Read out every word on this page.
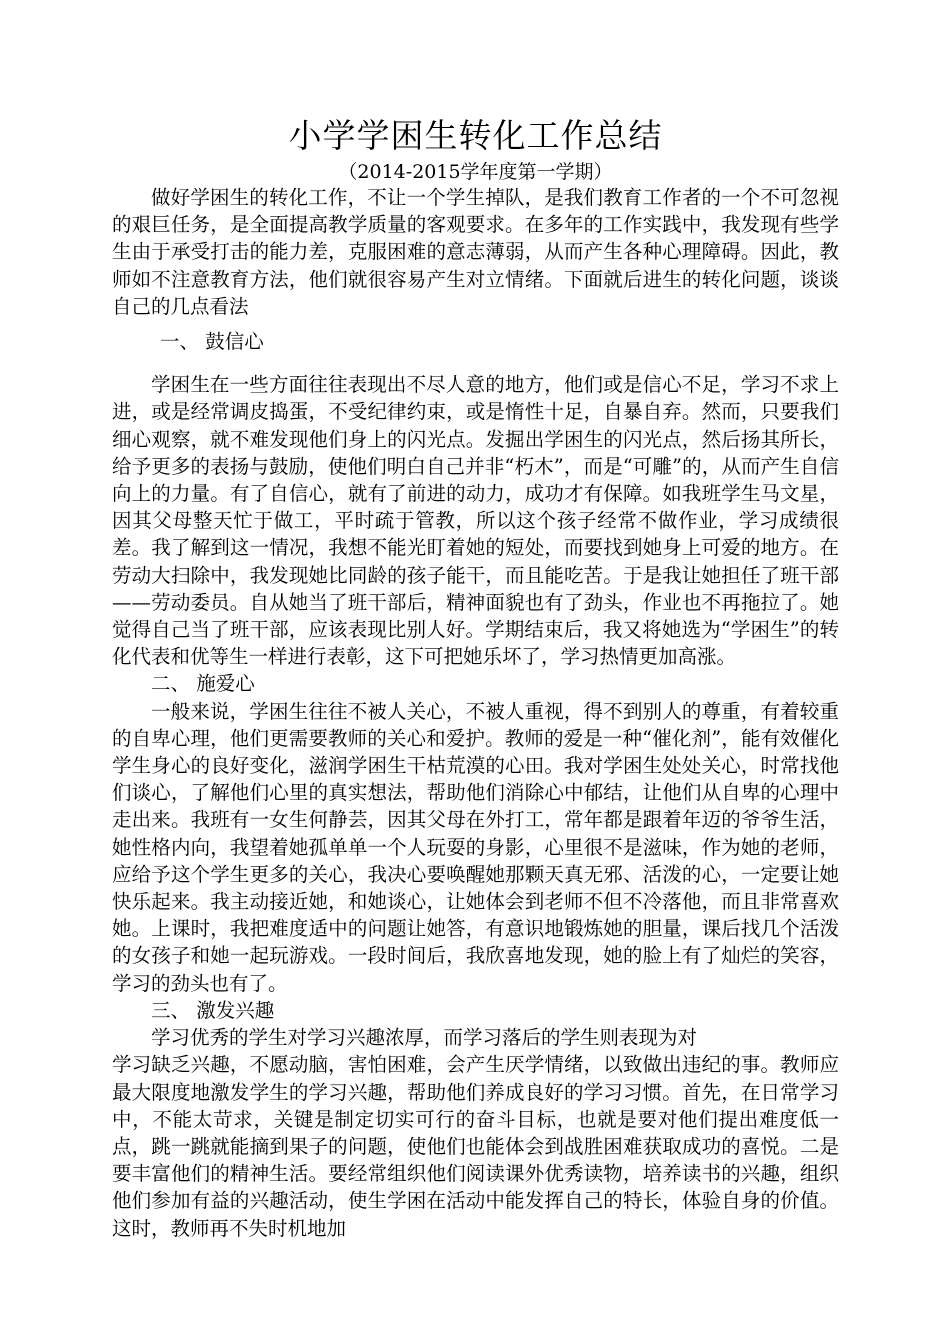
小学学困生转化工作总结

（2014-2015学年度第一学期）

做好学困生的转化工作，不让一个学生掉队，是我们教育工作者的一个不可忽视的艰巨任务，是全面提高教学质量的客观要求。在多年的工作实践中，我发现有些学生由于承受打击的能力差，克服困难的意志薄弱，从而产生各种心理障碍。因此，教师如不注意教育方法，他们就很容易产生对立情绪。下面就后进生的转化问题，谈谈自己的几点看法

一、 鼓信心

学困生在一些方面往往表现出不尽人意的地方，他们或是信心不足，学习不求上进，或是经常调皮捣蛋，不受纪律约束，或是惰性十足，自暴自弃。然而，只要我们细心观察，就不难发现他们身上的闪光点。发掘出学困生的闪光点，然后扬其所长，给予更多的表扬与鼓励，使他们明白自己并非“朽木”，而是“可雕”的，从而产生自信向上的力量。有了自信心，就有了前进的动力，成功才有保障。如我班学生马文星，因其父母整天忙于做工，平时疏于管教，所以这个孩子经常不做作业，学习成绩很差。我了解到这一情况，我想不能光盯着她的短处，而要找到她身上可爱的地方。在劳动大扫除中，我发现她比同龄的孩子能干，而且能吃苦。于是我让她担任了班干部——劳动委员。自从她当了班干部后，精神面貌也有了劲头，作业也不再拖拉了。她觉得自己当了班干部，应该表现比别人好。学期结束后，我又将她选为“学困生”的转化代表和优等生一样进行表彰，这下可把她乐坏了，学习热情更加高涨。

二、 施爱心

一般来说，学困生往往不被人关心，不被人重视，得不到别人的尊重，有着较重的自卑心理，他们更需要教师的关心和爱护。教师的爱是一种“催化剂”，能有效催化学生身心的良好变化，滋润学困生干枯荒漠的心田。我对学困生处处关心，时常找他们谈心，了解他们心里的真实想法，帮助他们消除心中郁结，让他们从自卑的心理中走出来。我班有一女生何静芸，因其父母在外打工，常年都是跟着年迈的爷爷生活，她性格内向，我望着她孤单单一个人玩耍的身影，心里很不是滋味，作为她的老师，应给予这个学生更多的关心，我决心要唤醒她那颗天真无邪、活泼的心，一定要让她快乐起来。我主动接近她，和她谈心，让她体会到老师不但不冷落他，而且非常喜欢她。上课时，我把难度适中的问题让她答，有意识地锻炼她的胆量，课后找几个活泼的女孩子和她一起玩游戏。一段时间后，我欣喜地发现，她的脸上有了灿烂的笑容，学习的劲头也有了。

三、 激发兴趣

学习优秀的学生对学习兴趣浓厚，而学习落后的学生则表现为对

学习缺乏兴趣，不愿动脑，害怕困难，会产生厌学情绪，以致做出违纪的事。教师应最大限度地激发学生的学习兴趣，帮助他们养成良好的学习习惯。首先，在日常学习中，不能太苛求，关键是制定切实可行的奋斗目标，也就是要对他们提出难度低一点，跳一跳就能摘到果子的问题，使他们也能体会到战胜困难获取成功的喜悦。二是要丰富他们的精神生活。要经常组织他们阅读课外优秀读物，培养读书的兴趣，组织他们参加有益的兴趣活动，使生学困在活动中能发挥自己的特长，体验自身的价值。这时，教师再不失时机地加
